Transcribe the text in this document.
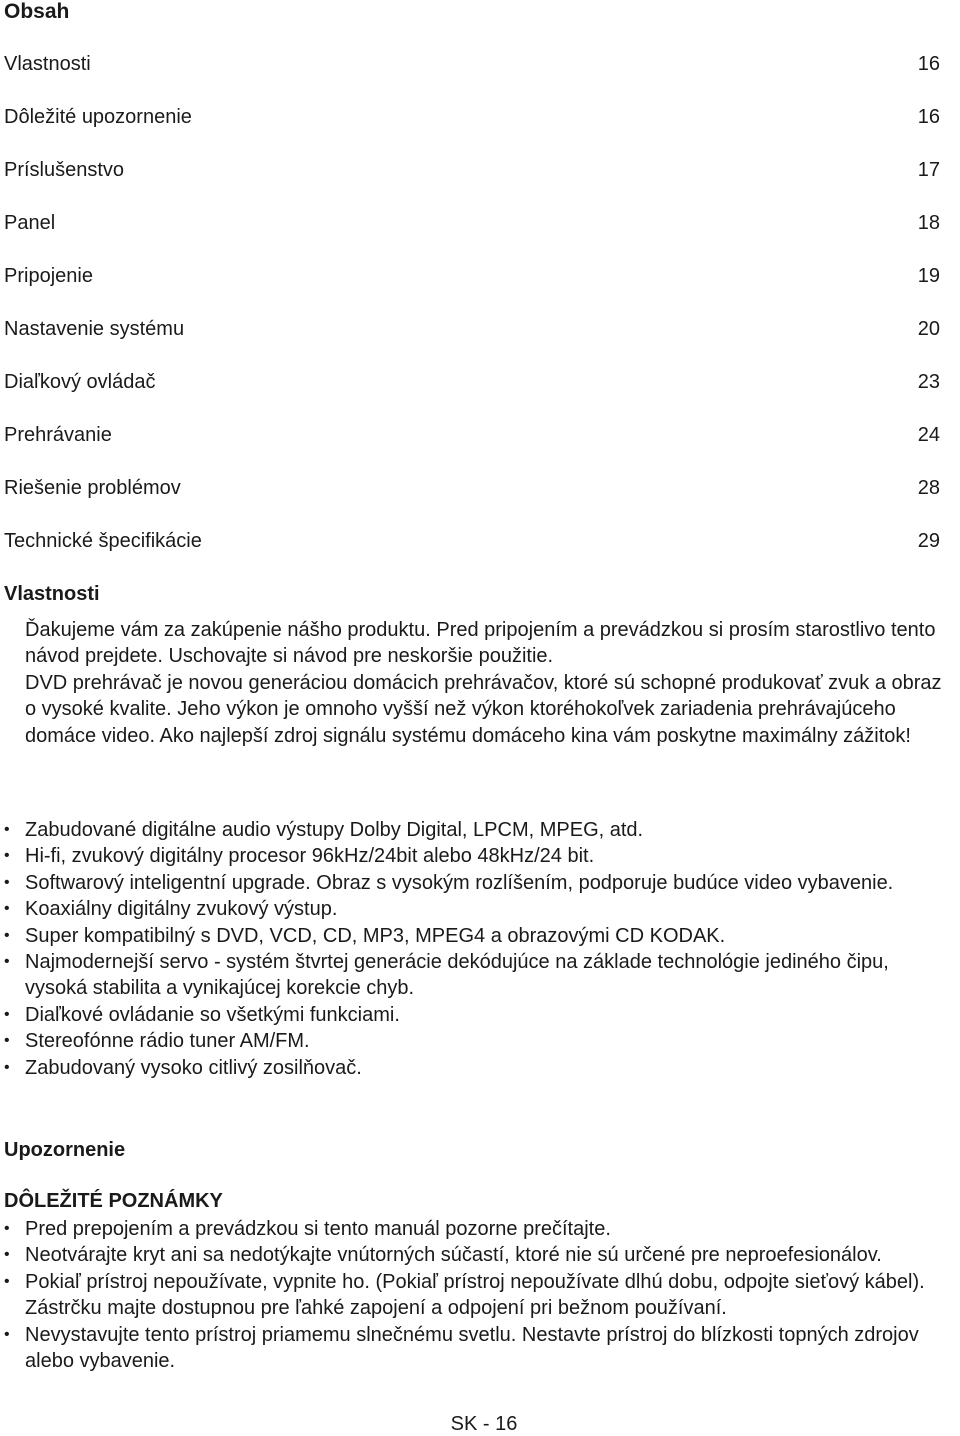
Obsah
Vlastnosti	16
Dôležité upozornenie	16
Príslušenstvo	17
Panel	18
Pripojenie	19
Nastavenie systému	20
Diaľkový ovládač	23
Prehrávanie	24
Riešenie problémov	28
Technické špecifikácie	29
Vlastnosti

Ďakujeme vám za zakúpenie nášho produktu. Pred pripojením a prevádzkou si prosím starostlivo tento návod prejdete. Uschovajte si návod pre neskoršie použitie.

DVD prehrávač je novou generáciou domácich prehrávačov, ktoré sú schopné produkovať zvuk a obraz o vysoké kvalite. Jeho výkon je omnoho vyšší než výkon ktoréhokoľvek zariadenia prehrávajúceho domáce video. Ako najlepší zdroj signálu systému domáceho kina vám poskytne maximálny zážitok!

• Zabudované digitálne audio výstupy Dolby Digital, LPCM, MPEG, atd.
• Hi-fi, zvukový digitálny procesor 96kHz/24bit alebo 48kHz/24 bit.
• Softwarový inteligentní upgrade. Obraz s vysokým rozlíšením, podporuje budúce video vybavenie.
• Koaxiálny digitálny zvukový výstup.
• Super kompatibilný s DVD, VCD, CD, MP3, MPEG4 a obrazovými CD KODAK.
• Najmodernejší servo - systém štvrtej generácie dekódujúce na základe technológie jediného čipu, vysoká stabilita a vynikajúcej korekcie chyb.
• Diaľkové ovládanie so všetkými funkciami.
• Stereofónne rádio tuner AM/FM.
• Zabudovaný vysoko citlivý zosilňovač.
Upozornenie
DÔLEŽITÉ POZNÁMKY
• Pred prepojením a prevádzkou si tento manuál pozorne prečítajte.
• Neotvárajte kryt ani sa nedotýkajte vnútorných súčastí, ktoré nie sú určené pre neproefesionálov.
• Pokiaľ prístroj nepoužívate, vypnite ho. (Pokiaľ prístroj nepoužívate dlhú dobu, odpojte sieťový kábel). Zástrčku majte dostupnou pre ľahké zapojení a odpojení pri bežnom používaní.
• Nevystavujte tento prístroj priamemu slnečnému svetlu. Nestavte prístroj do blízkosti topných zdrojov alebo vybavenie.
SK - 16
